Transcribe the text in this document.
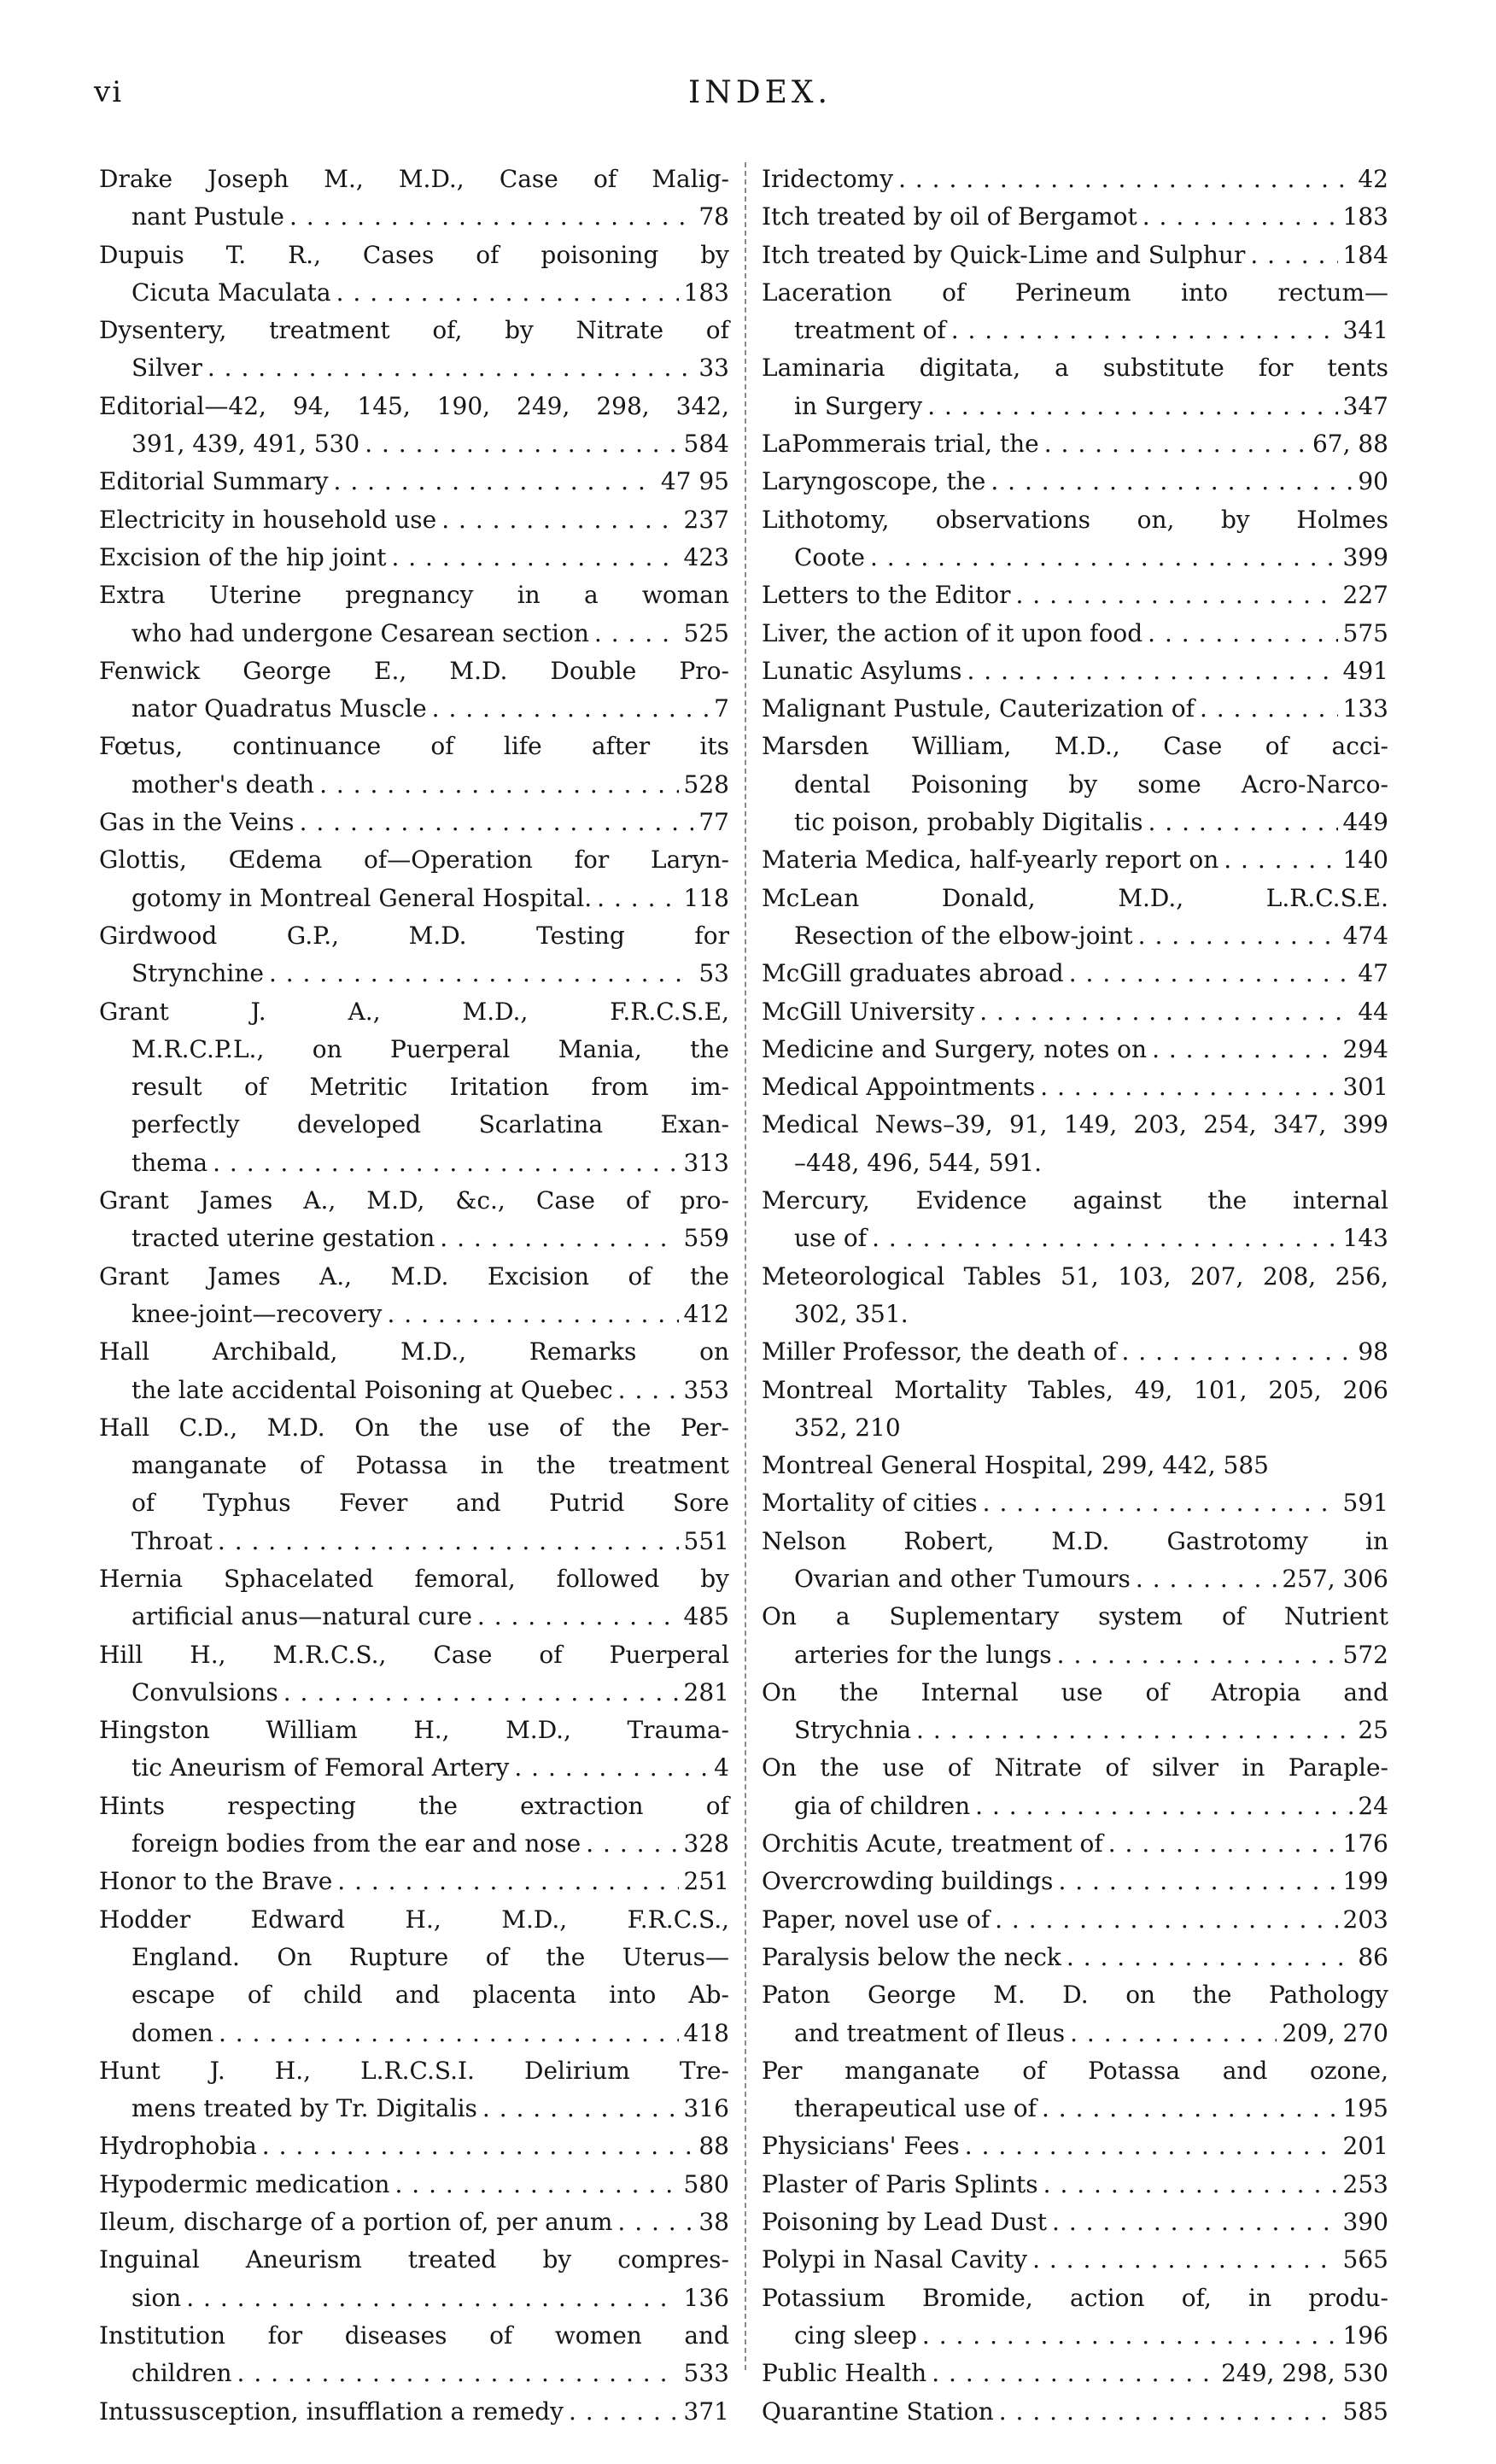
vi	INDEX.
Drake Joseph M., M.D., Case of Malig-
nant Pustule . . .	78
Dupuis T. R., Cases of poisoning by
Cicuta Maculata . . .	183
Dysentery, treatment of, by Nitrate of
Silver . . .	33
Editorial—42, 94, 145, 190, 249, 298, 342,
391, 439, 491, 530 . . .	584
Editorial Summary . . .	47 95
Electricity in household use . . .	237
Excision of the hip joint . . .	423
Extra Uterine pregnancy in a woman
who had undergone Cesarean section . . .	525
Fenwick George E., M.D. Double Pro-
nator Quadratus Muscle . . .	7
Fœtus, continuance of life after its
mother's death . . .	528
Gas in the Veins . . .	77
Glottis, Œdema of—Operation for Laryn-
gotomy in Montreal General Hospital. . . .	118
Girdwood G.P., M.D. Testing for
Strynchine . . .	53
Grant J. A., M.D., F.R.C.S.E,
M.R.C.P.L., on Puerperal Mania, the
result of Metritic Iritation from im-
perfectly developed Scarlatina Exan-
thema . . .	313
Grant James A., M.D, &c., Case of pro-
tracted uterine gestation . . .	559
Grant James A., M.D. Excision of the
knee-joint—recovery . . .	412
Hall Archibald, M.D., Remarks on
the late accidental Poisoning at Quebec . . .	353
Hall C.D., M.D. On the use of the Per-
manganate of Potassa in the treatment
of Typhus Fever and Putrid Sore
Throat . . .	551
Hernia Sphacelated femoral, followed by
artificial anus—natural cure . . .	485
Hill H., M.R.C.S., Case of Puerperal
Convulsions . . .	281
Hingston William H., M.D., Trauma-
tic Aneurism of Femoral Artery . . .	4
Hints respecting the extraction of
foreign bodies from the ear and nose . . .	328
Honor to the Brave . . .	251
Hodder Edward H., M.D., F.R.C.S.,
England. On Rupture of the Uterus—
escape of child and placenta into Ab-
domen . . .	418
Hunt J. H., L.R.C.S.I. Delirium Tre-
mens treated by Tr. Digitalis . . .	316
Hydrophobia . . .	88
Hypodermic medication . . .	580
Ileum, discharge of a portion of, per anum . . .	38
Inguinal Aneurism treated by compres-
sion . . .	136
Institution for diseases of women and
children . . .	533
Intussusception, insufflation a remedy . . .	371
Iridectomy . . .	42
Itch treated by oil of Bergamot . . .	183
Itch treated by Quick-Lime and Sulphur . . .	184
Laceration of Perineum into rectum—
treatment of . . .	341
Laminaria digitata, a substitute for tents
in Surgery . . .	347
LaPommerais trial, the . . .	67, 88
Laryngoscope, the . . .	90
Lithotomy, observations on, by Holmes
Coote . . .	399
Letters to the Editor . . .	227
Liver, the action of it upon food . . .	575
Lunatic Asylums . . .	491
Malignant Pustule, Cauterization of . . .	133
Marsden William, M.D., Case of acci-
dental Poisoning by some Acro-Narco-
tic poison, probably Digitalis . . .	449
Materia Medica, half-yearly report on . . .	140
McLean Donald, M.D., L.R.C.S.E.
Resection of the elbow-joint . . .	474
McGill graduates abroad . . .	47
McGill University . . .	44
Medicine and Surgery, notes on . . .	294
Medical Appointments . . .	301
Medical News–39, 91, 149, 203, 254, 347, 399
–448, 496, 544, 591.
Mercury, Evidence against the internal
use of . . .	143
Meteorological Tables 51, 103, 207, 208, 256,
302, 351.
Miller Professor, the death of . . .	98
Montreal Mortality Tables, 49, 101, 205, 206
352, 210
Montreal General Hospital, 299, 442, 585
Mortality of cities . . .	591
Nelson Robert, M.D. Gastrotomy in
Ovarian and other Tumours . . .	257, 306
On a Suplementary system of Nutrient
arteries for the lungs . . .	572
On the Internal use of Atropia and
Strychnia . . .	25
On the use of Nitrate of silver in Paraple-
gia of children . . .	24
Orchitis Acute, treatment of . . .	176
Overcrowding buildings . . .	199
Paper, novel use of . . .	203
Paralysis below the neck . . .	86
Paton George M. D. on the Pathology
and treatment of Ileus . . .	209, 270
Per manganate of Potassa and ozone,
therapeutical use of . . .	195
Physicians' Fees . . .	201
Plaster of Paris Splints . . .	253
Poisoning by Lead Dust . . .	390
Polypi in Nasal Cavity . . .	565
Potassium Bromide, action of, in produ-
cing sleep . . .	196
Public Health . . .	249, 298, 530
Quarantine Station . . .	585
